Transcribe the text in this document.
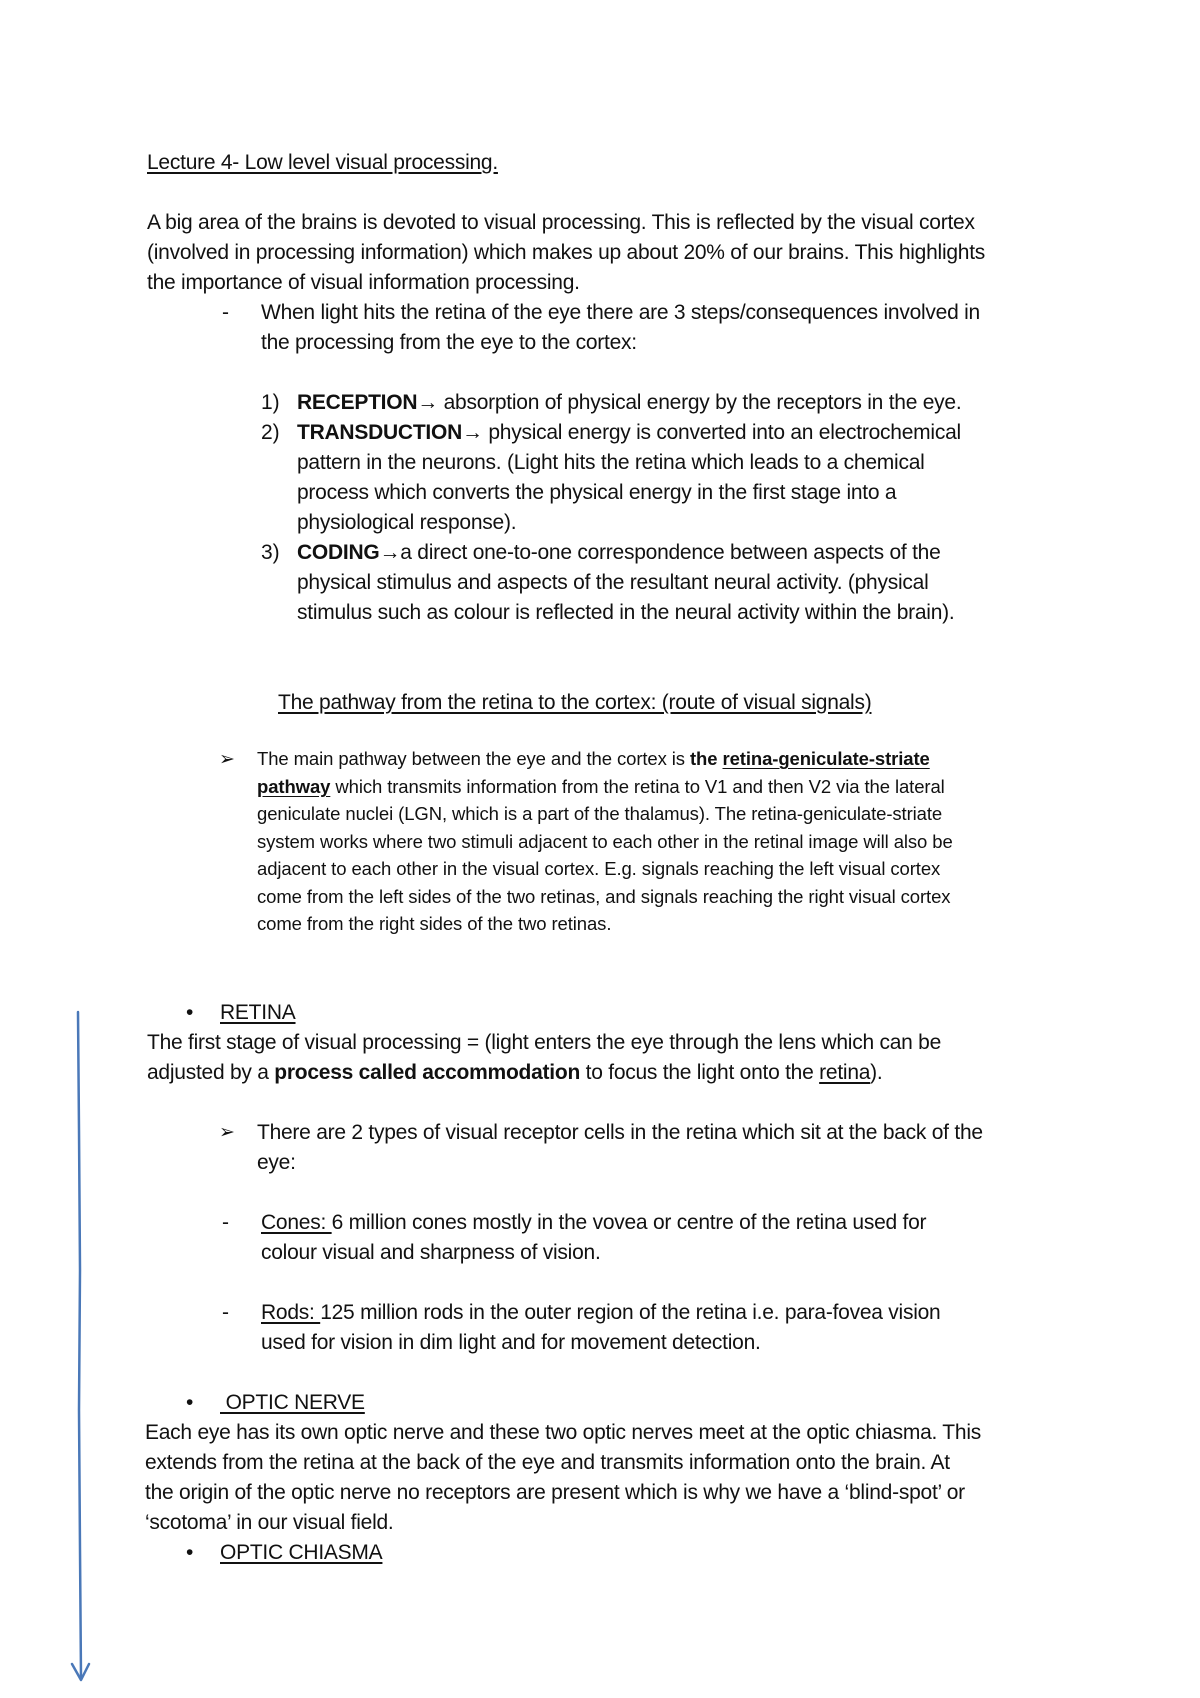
Lecture 4- Low level visual processing.
A big area of the brains is devoted to visual processing. This is reflected by the visual cortex
(involved in processing information) which makes up about 20% of our brains. This highlights
the importance of visual information processing.
- When light hits the retina of the eye there are 3 steps/consequences involved in
the processing from the eye to the cortex:
1) RECEPTION→ absorption of physical energy by the receptors in the eye.
2) TRANSDUCTION→ physical energy is converted into an electrochemical
pattern in the neurons. (Light hits the retina which leads to a chemical
process which converts the physical energy in the first stage into a
physiological response).
3) CODING→a direct one-to-one correspondence between aspects of the
physical stimulus and aspects of the resultant neural activity. (physical
stimulus such as colour is reflected in the neural activity within the brain).
The pathway from the retina to the cortex: (route of visual signals)
➢ The main pathway between the eye and the cortex is the retina-geniculate-striate
pathway which transmits information from the retina to V1 and then V2 via the lateral
geniculate nuclei (LGN, which is a part of the thalamus). The retina-geniculate-striate
system works where two stimuli adjacent to each other in the retinal image will also be
adjacent to each other in the visual cortex. E.g. signals reaching the left visual cortex
come from the left sides of the two retinas, and signals reaching the right visual cortex
come from the right sides of the two retinas.
• RETINA
The first stage of visual processing = (light enters the eye through the lens which can be
adjusted by a process called accommodation to focus the light onto the retina).
➢ There are 2 types of visual receptor cells in the retina which sit at the back of the
eye:
- Cones: 6 million cones mostly in the vovea or centre of the retina used for
colour visual and sharpness of vision.
- Rods: 125 million rods in the outer region of the retina i.e. para-fovea vision
used for vision in dim light and for movement detection.
• OPTIC NERVE
Each eye has its own optic nerve and these two optic nerves meet at the optic chiasma. This
extends from the retina at the back of the eye and transmits information onto the brain. At
the origin of the optic nerve no receptors are present which is why we have a ‘blind-spot’ or
‘scotoma’ in our visual field.
• OPTIC CHIASMA
